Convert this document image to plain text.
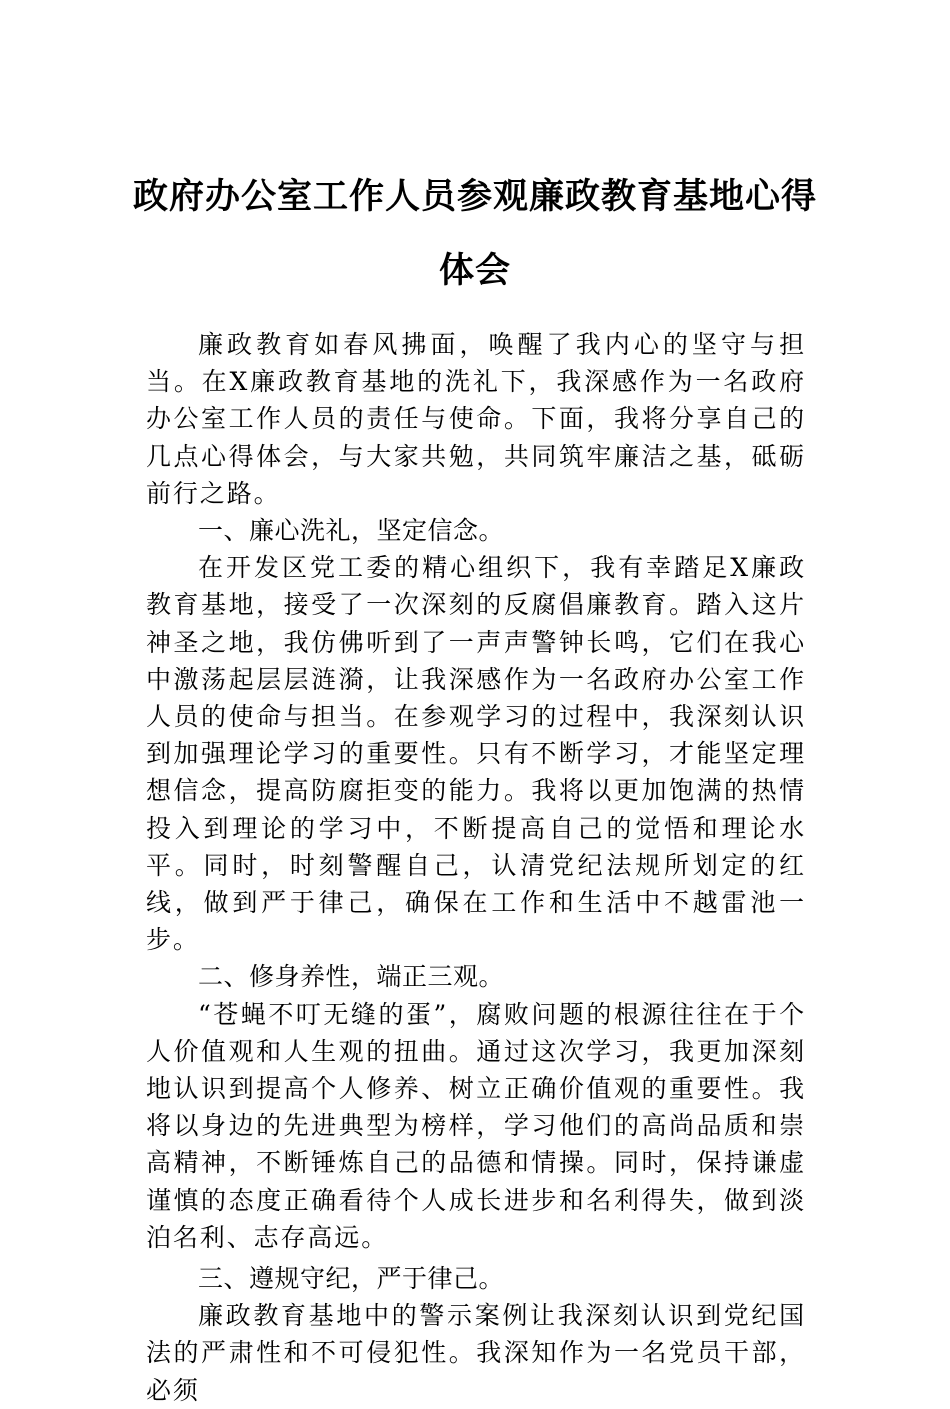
政府办公室工作人员参观廉政教育基地心得体会

廉政教育如春风拂面，唤醒了我内心的坚守与担当。在X廉政教育基地的洗礼下，我深感作为一名政府办公室工作人员的责任与使命。下面，我将分享自己的几点心得体会，与大家共勉，共同筑牢廉洁之基，砥砺前行之路。

一、廉心洗礼，坚定信念。

在开发区党工委的精心组织下，我有幸踏足X廉政教育基地，接受了一次深刻的反腐倡廉教育。踏入这片神圣之地，我仿佛听到了一声声警钟长鸣，它们在我心中激荡起层层涟漪，让我深感作为一名政府办公室工作人员的使命与担当。在参观学习的过程中，我深刻认识到加强理论学习的重要性。只有不断学习，才能坚定理想信念，提高防腐拒变的能力。我将以更加饱满的热情投入到理论的学习中，不断提高自己的觉悟和理论水平。同时，时刻警醒自己，认清党纪法规所划定的红线，做到严于律己，确保在工作和生活中不越雷池一步。

二、修身养性，端正三观。

“苍蝇不叮无缝的蛋”，腐败问题的根源往往在于个人价值观和人生观的扭曲。通过这次学习，我更加深刻地认识到提高个人修养、树立正确价值观的重要性。我将以身边的先进典型为榜样，学习他们的高尚品质和崇高精神，不断锤炼自己的品德和情操。同时，保持谦虚谨慎的态度正确看待个人成长进步和名利得失，做到淡泊名利、志存高远。

三、遵规守纪，严于律己。

廉政教育基地中的警示案例让我深刻认识到党纪国法的严肃性和不可侵犯性。我深知作为一名党员干部，必须
